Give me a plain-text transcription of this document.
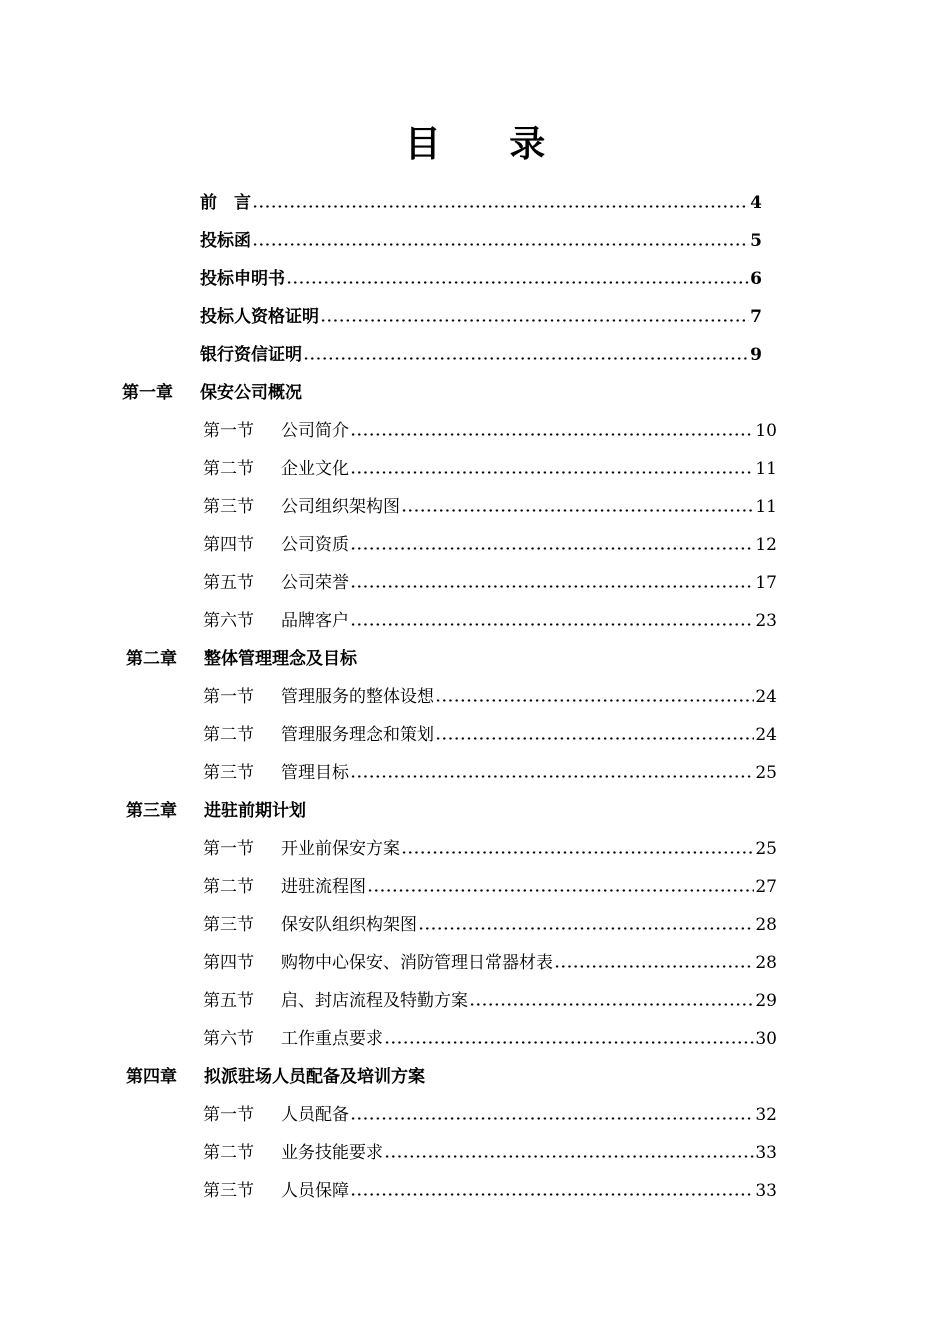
目 录
前　言	4
投标函	5
投标申明书	6
投标人资格证明	7
银行资信证明	9
第一章	保安公司概况
第一节	公司简介	10
第二节	企业文化	11
第三节	公司组织架构图	11
第四节	公司资质	12
第五节	公司荣誉	17
第六节	品牌客户	23
第二章	整体管理理念及目标
第一节	管理服务的整体设想	24
第二节	管理服务理念和策划	24
第三节	管理目标	25
第三章	进驻前期计划
第一节	开业前保安方案	25
第二节	进驻流程图	27
第三节	保安队组织构架图	28
第四节	购物中心保安、消防管理日常器材表	28
第五节	启、封店流程及特勤方案	29
第六节	工作重点要求	30
第四章	拟派驻场人员配备及培训方案
第一节	人员配备	32
第二节	业务技能要求	33
第三节	人员保障	33
